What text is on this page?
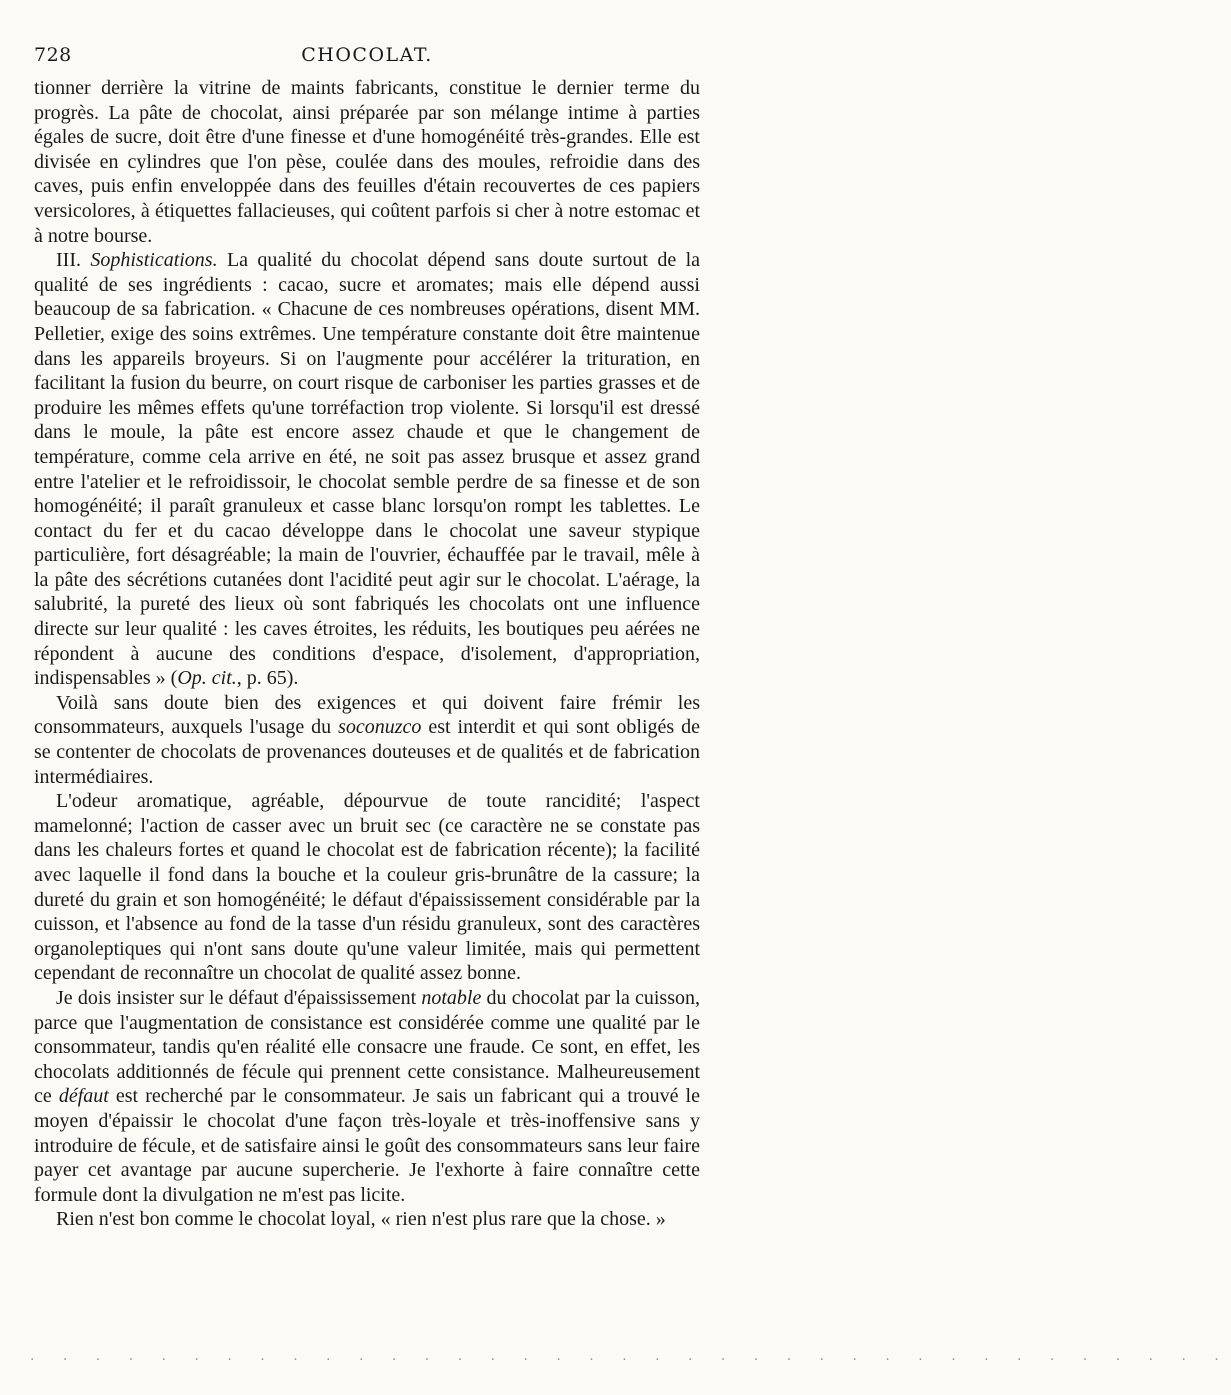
728	CHOCOLAT.

tionner derrière la vitrine de maints fabricants, constitue le dernier terme du progrès. La pâte de chocolat, ainsi préparée par son mélange intime à parties égales de sucre, doit être d'une finesse et d'une homogénéité très-grandes. Elle est divisée en cylindres que l'on pèse, coulée dans des moules, refroidie dans des caves, puis enfin enveloppée dans des feuilles d'étain recouvertes de ces papiers versicolores, à étiquettes fallacieuses, qui coûtent parfois si cher à notre estomac et à notre bourse.

III. Sophistications. La qualité du chocolat dépend sans doute surtout de la qualité de ses ingrédients : cacao, sucre et aromates; mais elle dépend aussi beaucoup de sa fabrication. « Chacune de ces nombreuses opérations, disent MM. Pelletier, exige des soins extrêmes. Une température constante doit être maintenue dans les appareils broyeurs. Si on l'augmente pour accélérer la trituration, en facilitant la fusion du beurre, on court risque de carboniser les parties grasses et de produire les mêmes effets qu'une torréfaction trop violente. Si lorsqu'il est dressé dans le moule, la pâte est encore assez chaude et que le changement de température, comme cela arrive en été, ne soit pas assez brusque et assez grand entre l'atelier et le refroidissoir, le chocolat semble perdre de sa finesse et de son homogénéité; il paraît granuleux et casse blanc lorsqu'on rompt les tablettes. Le contact du fer et du cacao développe dans le chocolat une saveur stypique particulière, fort désagréable; la main de l'ouvrier, échauffée par le travail, mêle à la pâte des sécrétions cutanées dont l'acidité peut agir sur le chocolat. L'aérage, la salubrité, la pureté des lieux où sont fabriqués les chocolats ont une influence directe sur leur qualité : les caves étroites, les réduits, les boutiques peu aérées ne répondent à aucune des conditions d'espace, d'isolement, d'appropriation, indispensables » (Op. cit., p. 65).

Voilà sans doute bien des exigences et qui doivent faire frémir les consommateurs, auxquels l'usage du soconuzco est interdit et qui sont obligés de se contenter de chocolats de provenances douteuses et de qualités et de fabrication intermédiaires.

L'odeur aromatique, agréable, dépourvue de toute rancidité; l'aspect mamelonné; l'action de casser avec un bruit sec (ce caractère ne se constate pas dans les chaleurs fortes et quand le chocolat est de fabrication récente); la facilité avec laquelle il fond dans la bouche et la couleur gris-brunâtre de la cassure; la dureté du grain et son homogénéité; le défaut d'épaississement considérable par la cuisson, et l'absence au fond de la tasse d'un résidu granuleux, sont des caractères organoleptiques qui n'ont sans doute qu'une valeur limitée, mais qui permettent cependant de reconnaître un chocolat de qualité assez bonne.

Je dois insister sur le défaut d'épaississement notable du chocolat par la cuisson, parce que l'augmentation de consistance est considérée comme une qualité par le consommateur, tandis qu'en réalité elle consacre une fraude. Ce sont, en effet, les chocolats additionnés de fécule qui prennent cette consistance. Malheureusement ce défaut est recherché par le consommateur. Je sais un fabricant qui a trouvé le moyen d'épaissir le chocolat d'une façon très-loyale et très-inoffensive sans y introduire de fécule, et de satisfaire ainsi le goût des consommateurs sans leur faire payer cet avantage par aucune supercherie. Je l'exhorte à faire connaître cette formule dont la divulgation ne m'est pas licite.

Rien n'est bon comme le chocolat loyal, « rien n'est plus rare que la chose. »

· · · · · · · · · · · · · · · · · · · · · · · · · · · · · · · · · · · · ·
